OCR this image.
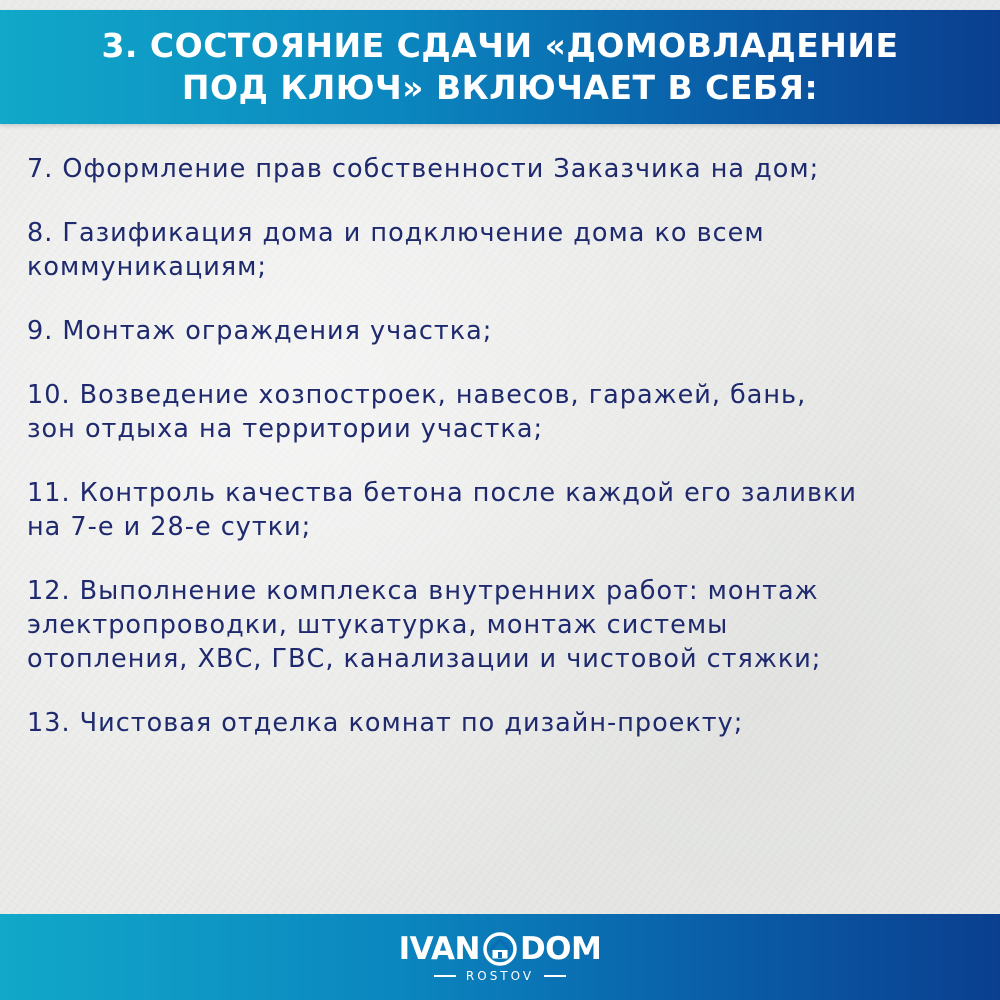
3. СОСТОЯНИЕ СДАЧИ «ДОМОВЛАДЕНИЕ
ПОД КЛЮЧ» ВКЛЮЧАЕТ В СЕБЯ:
7. Оформление прав собственности Заказчика на дом;
8. Газификация дома и подключение дома ко всем
коммуникациям;
9. Монтаж ограждения участка;
10. Возведение хозпостроек, навесов, гаражей, бань,
зон отдыха на территории участка;
11. Контроль качества бетона после каждой его заливки
на 7-е и 28-е сутки;
12. Выполнение комплекса внутренних работ: монтаж
электропроводки, штукатурка, монтаж системы
отопления, ХВС, ГВС, канализации и чистовой стяжки;
13. Чистовая отделка комнат по дизайн-проекту;
IVAN DOM
ROSTOV
